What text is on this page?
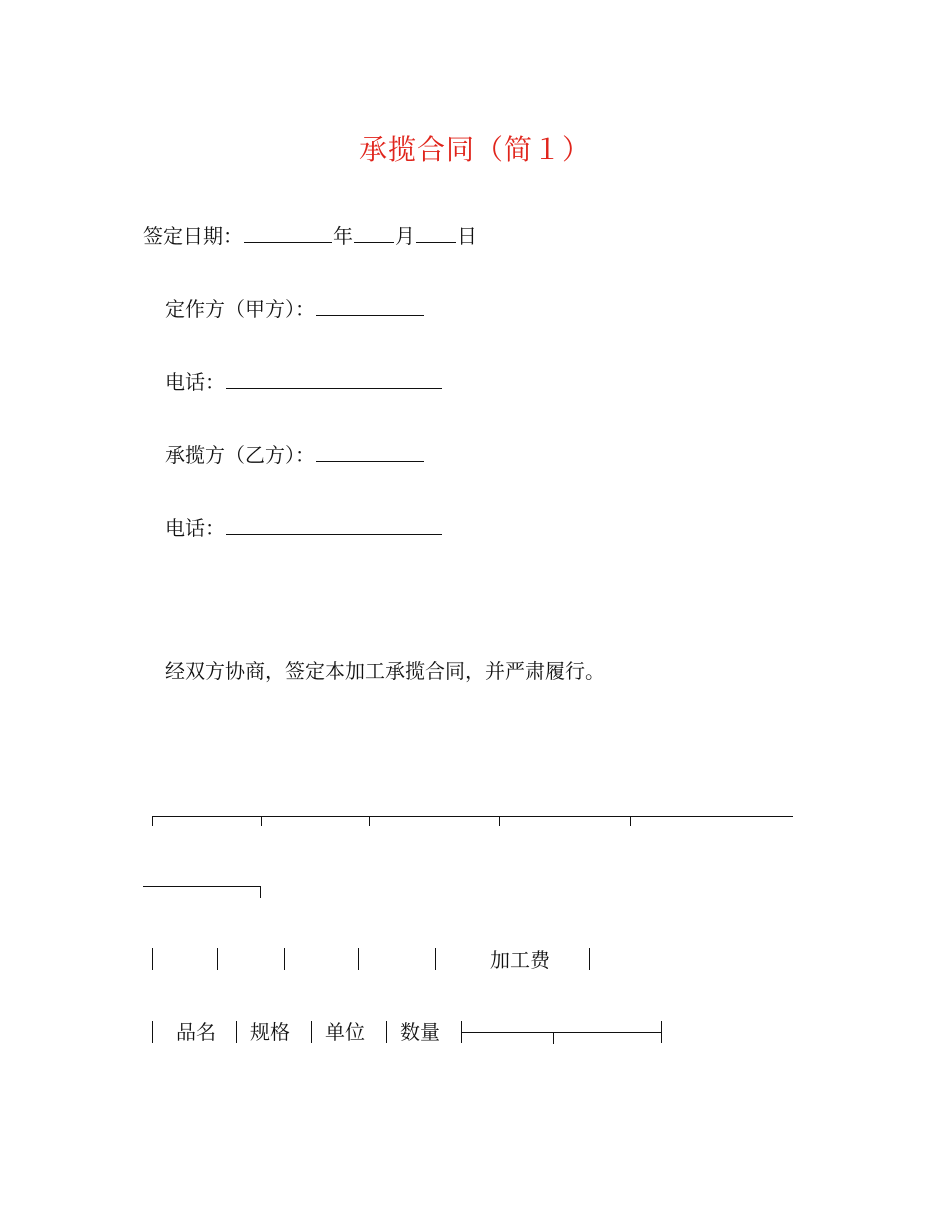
承揽合同（简１）
签定日期：	年 月 日
定作方（甲方）：
电话：
承揽方（乙方）：
电话：
经双方协商，签定本加工承揽合同，并严肃履行。
加工费
品名 规格 单位 数量
